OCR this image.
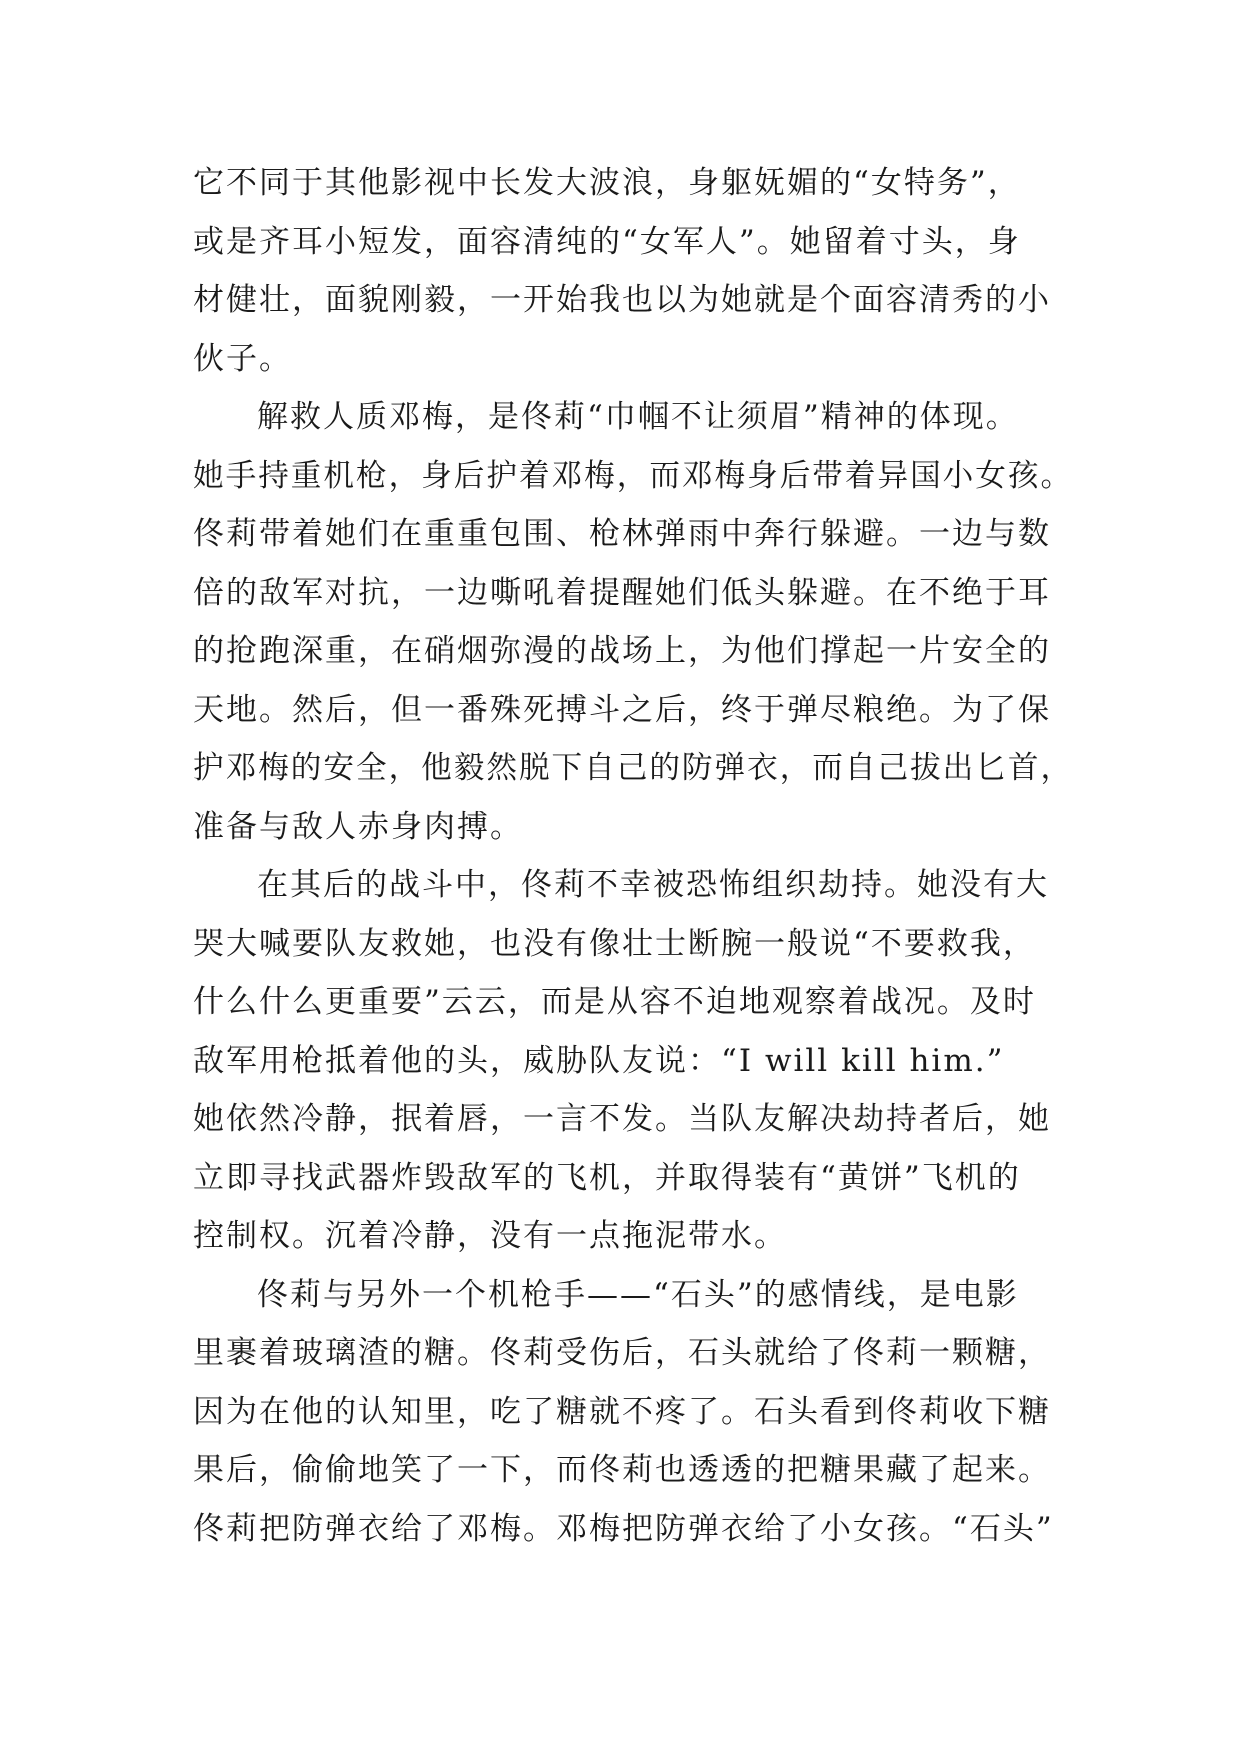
它不同于其他影视中长发大波浪，身躯妩媚的“女特务”，
或是齐耳小短发，面容清纯的“女军人”。她留着寸头，身
材健壮，面貌刚毅，一开始我也以为她就是个面容清秀的小
伙子。
解救人质邓梅，是佟莉“巾帼不让须眉”精神的体现。
她手持重机枪，身后护着邓梅，而邓梅身后带着异国小女孩。
佟莉带着她们在重重包围、枪林弹雨中奔行躲避。一边与数
倍的敌军对抗，一边嘶吼着提醒她们低头躲避。在不绝于耳
的抢跑深重，在硝烟弥漫的战场上，为他们撑起一片安全的
天地。然后，但一番殊死搏斗之后，终于弹尽粮绝。为了保
护邓梅的安全，他毅然脱下自己的防弹衣，而自己拔出匕首，
准备与敌人赤身肉搏。
在其后的战斗中，佟莉不幸被恐怖组织劫持。她没有大
哭大喊要队友救她，也没有像壮士断腕一般说“不要救我，
什么什么更重要”云云，而是从容不迫地观察着战况。及时
敌军用枪抵着他的头，威胁队友说：“I will kill him.”
她依然冷静，抿着唇，一言不发。当队友解决劫持者后，她
立即寻找武器炸毁敌军的飞机，并取得装有“黄饼”飞机的
控制权。沉着冷静，没有一点拖泥带水。
佟莉与另外一个机枪手——“石头”的感情线，是电影
里裹着玻璃渣的糖。佟莉受伤后，石头就给了佟莉一颗糖，
因为在他的认知里，吃了糖就不疼了。石头看到佟莉收下糖
果后，偷偷地笑了一下，而佟莉也透透的把糖果藏了起来。
佟莉把防弹衣给了邓梅。邓梅把防弹衣给了小女孩。“石头”
